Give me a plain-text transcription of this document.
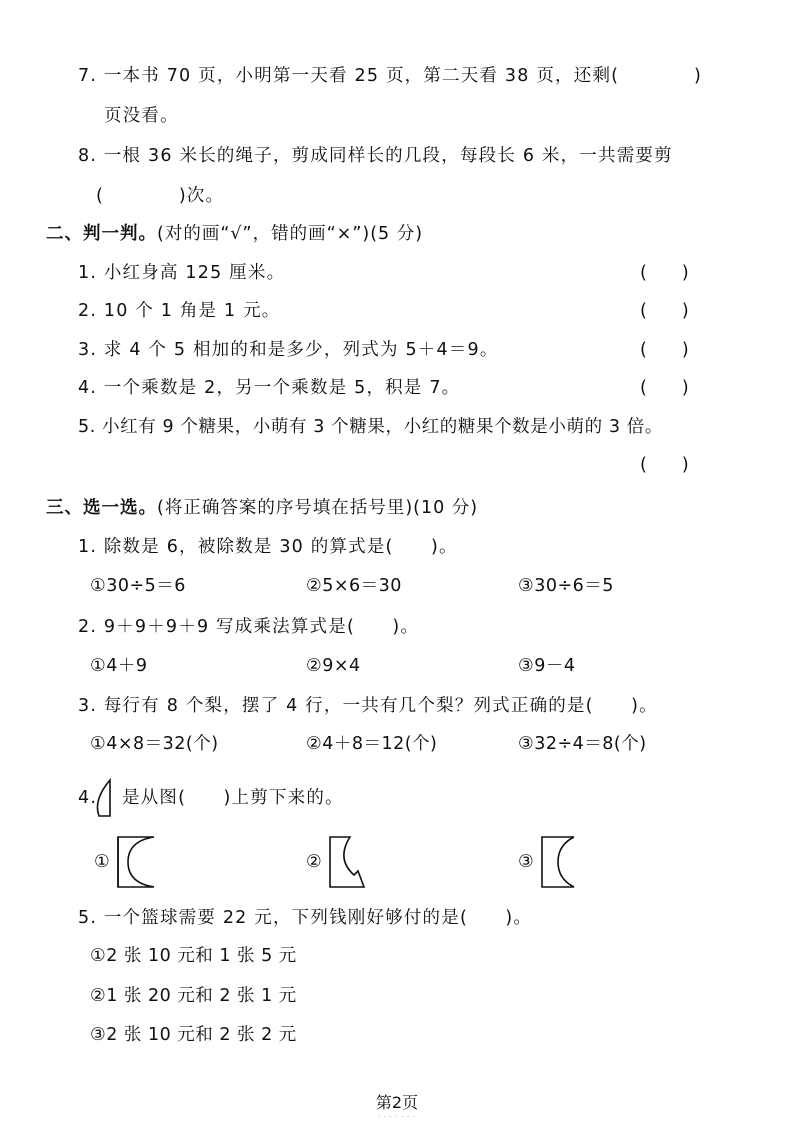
7. 一本书 70 页，小明第一天看 25 页，第二天看 38 页，还剩(　　　　)
页没看。
8. 一根 36 米长的绳子，剪成同样长的几段，每段长 6 米，一共需要剪
(　　　　)次。
二、判一判。(对的画“√”，错的画“×”)(5 分)
1. 小红身高 125 厘米。	(　　)
2. 10 个 1 角是 1 元。	(　　)
3. 求 4 个 5 相加的和是多少，列式为 5＋4＝9。	(　　)
4. 一个乘数是 2，另一个乘数是 5，积是 7。	(　　)
5. 小红有 9 个糖果，小萌有 3 个糖果，小红的糖果个数是小萌的 3 倍。
(　　)
三、选一选。(将正确答案的序号填在括号里)(10 分)
1. 除数是 6，被除数是 30 的算式是(　　)。
①30÷5＝6	②5×6＝30	③30÷6＝5
2. 9＋9＋9＋9 写成乘法算式是(　　)。
①4＋9	②9×4	③9－4
3. 每行有 8 个梨，摆了 4 行，一共有几个梨？列式正确的是(　　)。
①4×8＝32(个)	②4＋8＝12(个)	③32÷4＝8(个)
4. 是从图(　　)上剪下来的。
①	②	③
5. 一个篮球需要 22 元，下列钱刚好够付的是(　　)。
①2 张 10 元和 1 张 5 元
②1 张 20 元和 2 张 1 元
③2 张 10 元和 2 张 2 元
第2页
· · · · · · ·
